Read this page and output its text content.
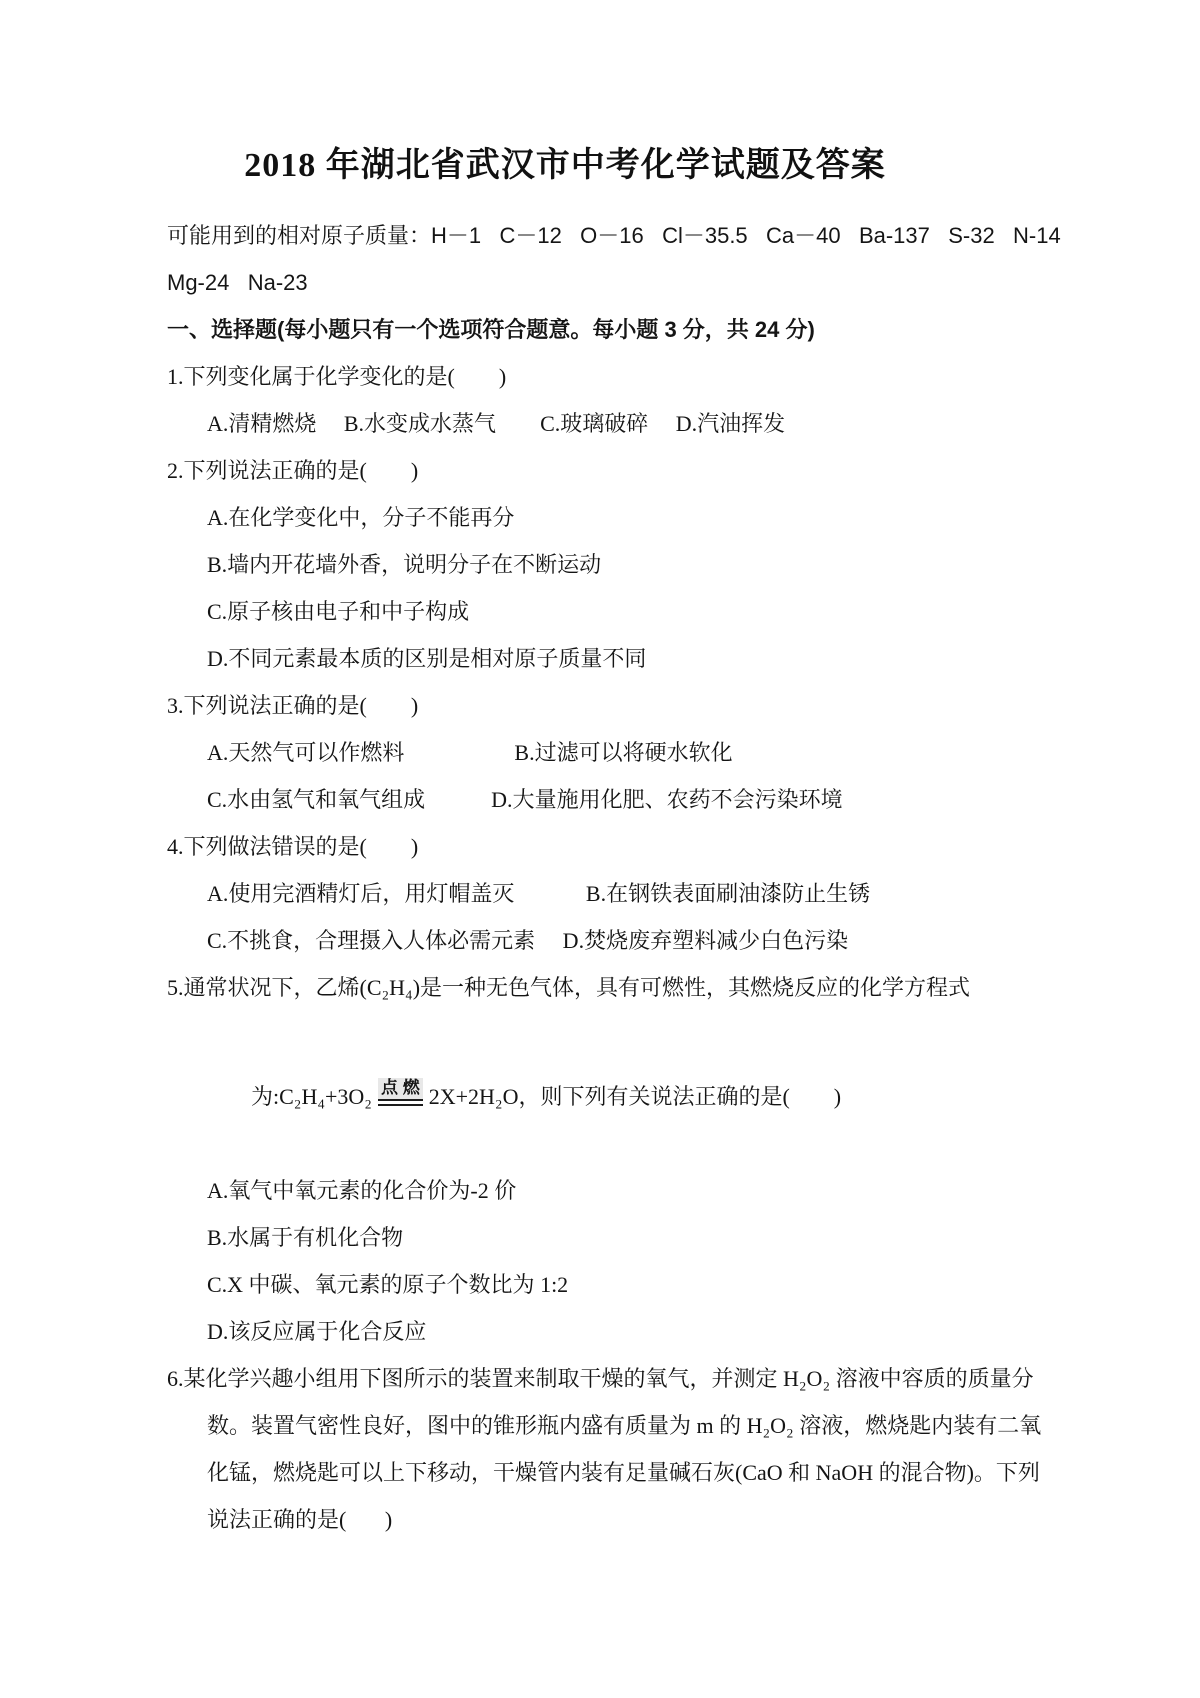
2018 年湖北省武汉市中考化学试题及答案

可能用到的相对原子质量：H－1   C－12   O－16   Cl－35.5   Ca－40   Ba-137   S-32   N-14

Mg-24   Na-23

一、选择题(每小题只有一个选项符合题意。每小题 3 分，共 24 分)

1.下列变化属于化学变化的是(        )

A.清精燃烧　 B.水变成水蒸气　　C.玻璃破碎　 D.汽油挥发

2.下列说法正确的是(        )

A.在化学变化中，分子不能再分

B.墙内开花墙外香，说明分子在不断运动

C.原子核由电子和中子构成

D.不同元素最本质的区别是相对原子质量不同

3.下列说法正确的是(        )

A.天然气可以作燃料　　　　　B.过滤可以将硬水软化

C.水由氢气和氧气组成　　　D.大量施用化肥、农药不会污染环境

4.下列做法错误的是(        )

A.使用完酒精灯后，用灯帽盖灭　　　 B.在钢铁表面刷油漆防止生锈

C.不挑食，合理摄入人体必需元素　 D.焚烧废弃塑料减少白色污染

5.通常状况下，乙烯(C₂H₄)是一种无色气体，具有可燃性，其燃烧反应的化学方程式

为:C₂H₄+3O₂ 点 燃 2X+2H₂O，则下列有关说法正确的是(        )

A.氧气中氧元素的化合价为-2 价

B.水属于有机化合物

C.X 中碳、氧元素的原子个数比为 1:2

D.该反应属于化合反应

6.某化学兴趣小组用下图所示的装置来制取干燥的氧气，并测定 H₂O₂ 溶液中容质的质量分

数。装置气密性良好，图中的锥形瓶内盛有质量为 m 的 H₂O₂ 溶液，燃烧匙内装有二氧

化锰，燃烧匙可以上下移动，干燥管内装有足量碱石灰(CaO 和 NaOH 的混合物)。下列

说法正确的是(       )
